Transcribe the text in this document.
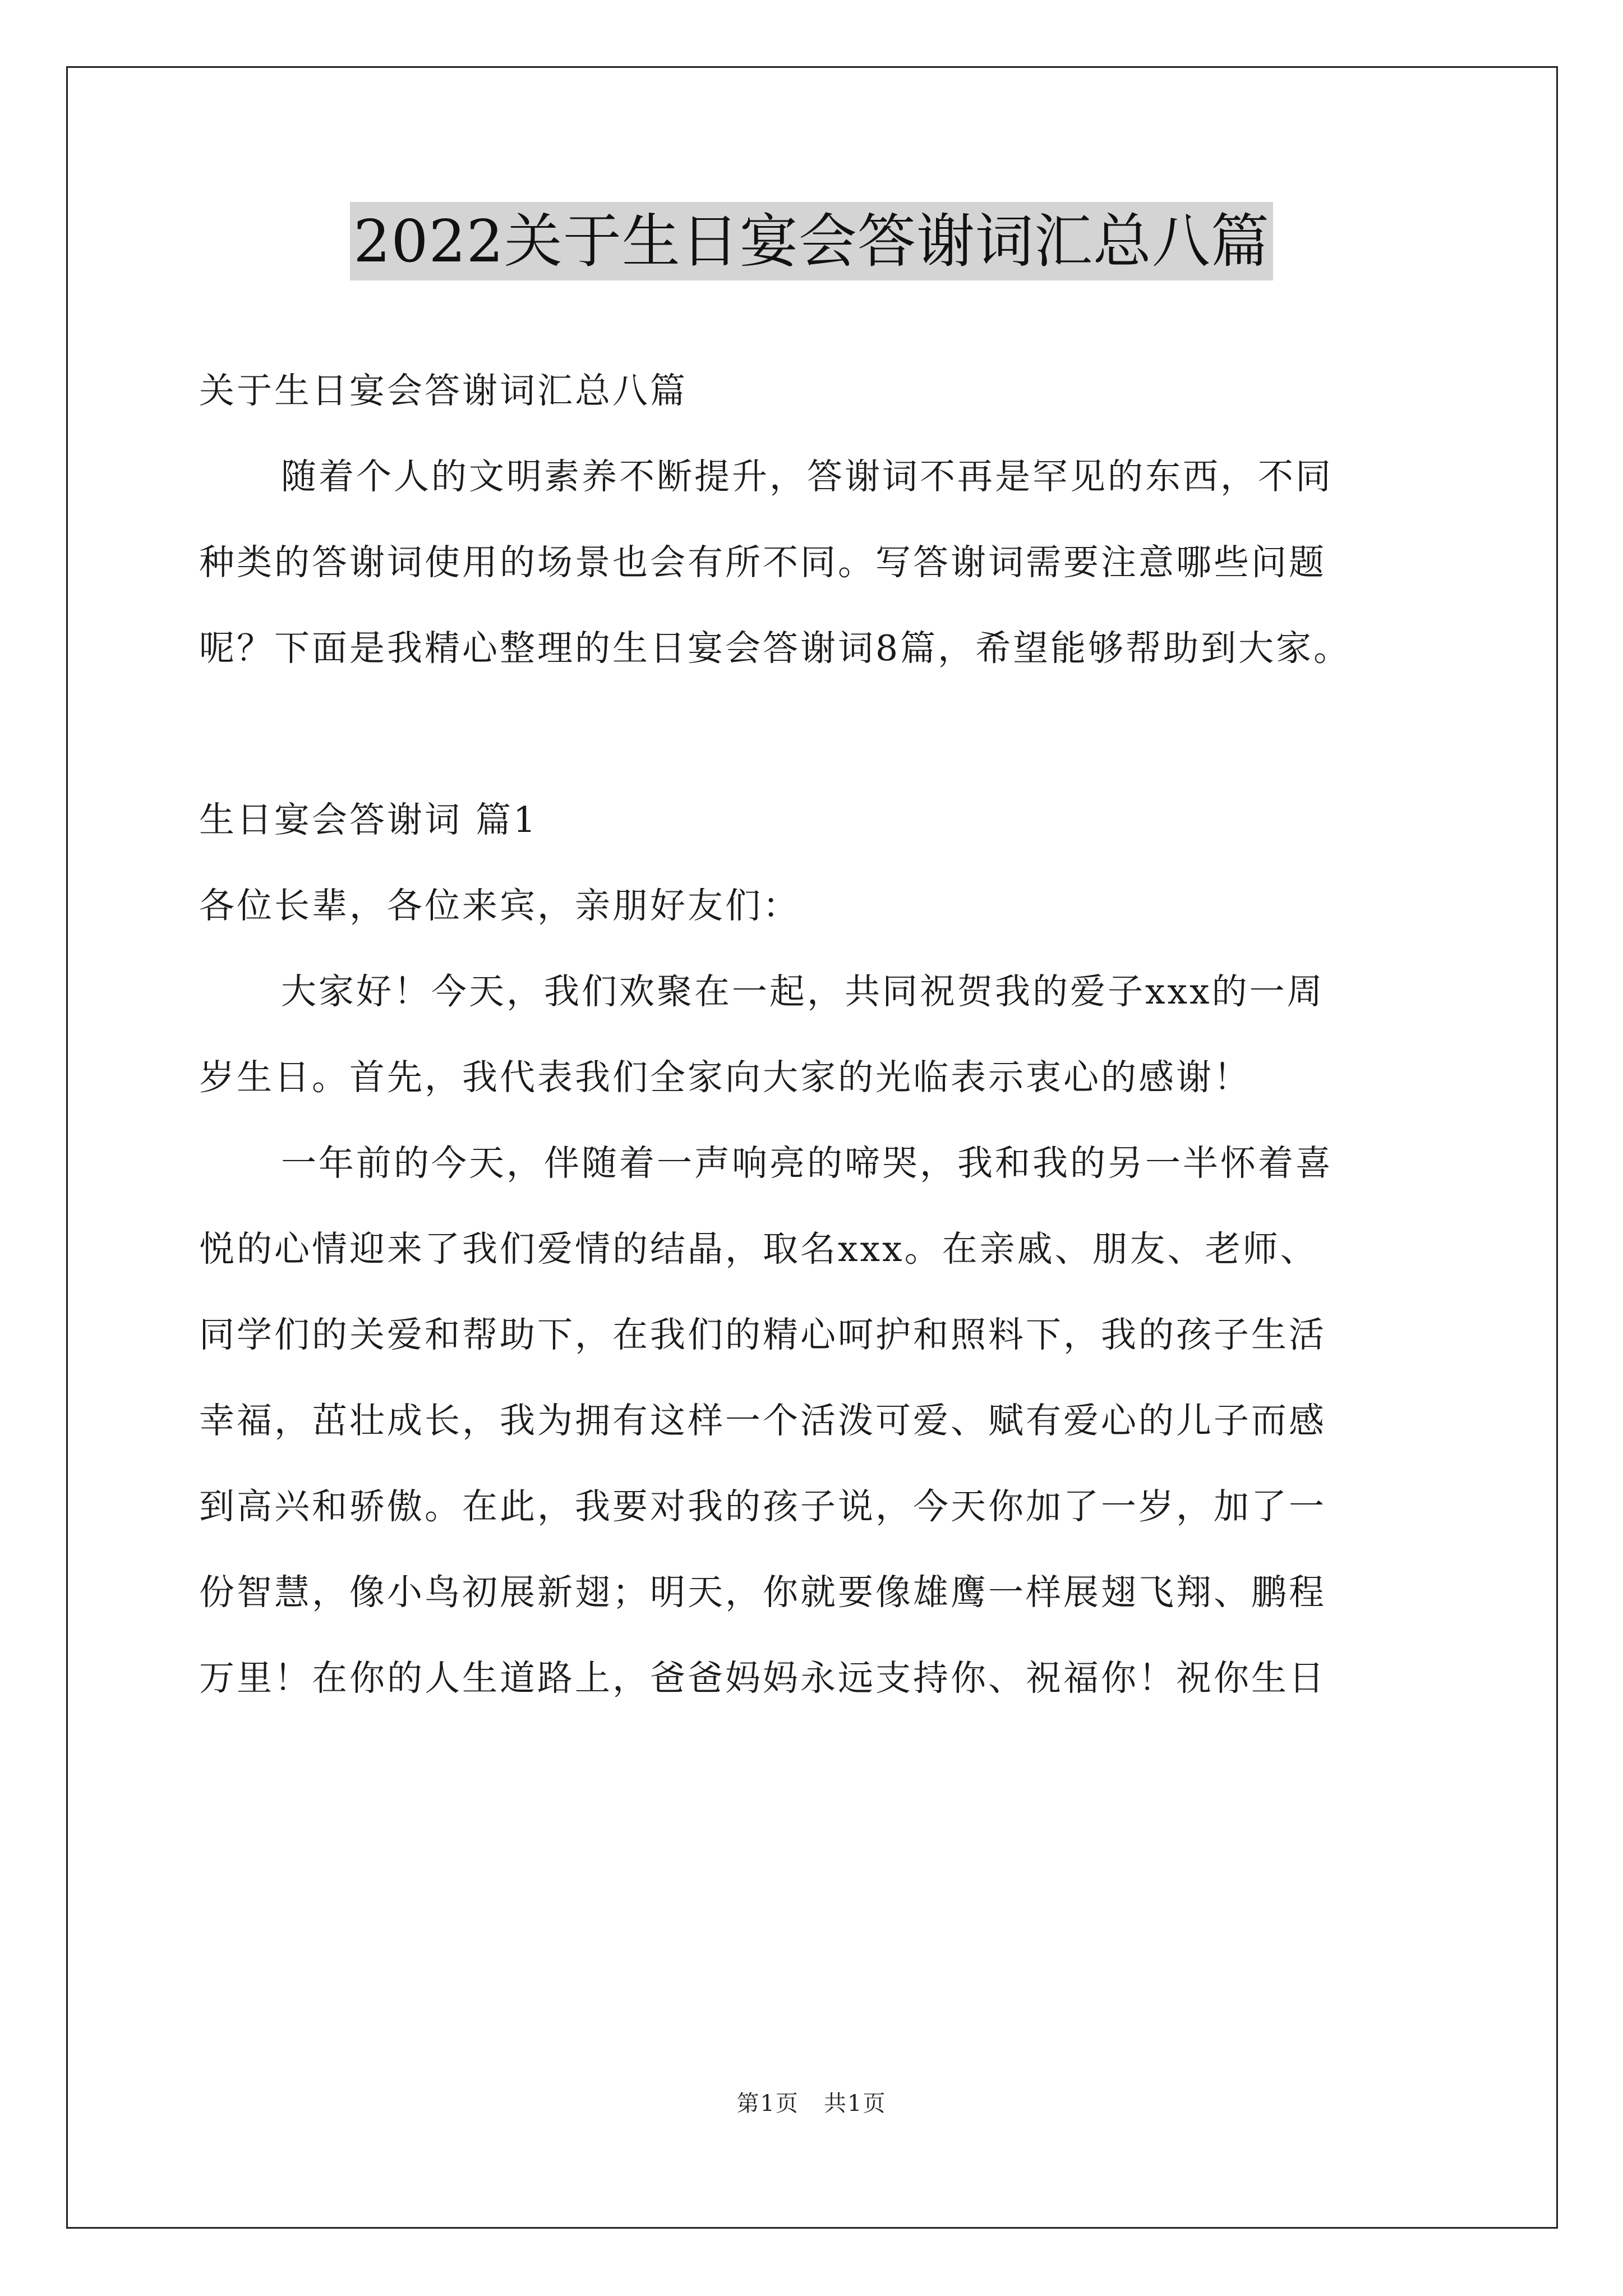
2022关于生日宴会答谢词汇总八篇
关于生日宴会答谢词汇总八篇
随着个人的文明素养不断提升，答谢词不再是罕见的东西，不同
种类的答谢词使用的场景也会有所不同。写答谢词需要注意哪些问题
呢？下面是我精心整理的生日宴会答谢词8篇，希望能够帮助到大家。
生日宴会答谢词 篇1
各位长辈，各位来宾，亲朋好友们：
大家好！今天，我们欢聚在一起，共同祝贺我的爱子xxx的一周
岁生日。首先，我代表我们全家向大家的光临表示衷心的感谢！
一年前的今天，伴随着一声响亮的啼哭，我和我的另一半怀着喜
悦的心情迎来了我们爱情的结晶，取名xxx。在亲戚、朋友、老师、
同学们的关爱和帮助下，在我们的精心呵护和照料下，我的孩子生活
幸福，茁壮成长，我为拥有这样一个活泼可爱、赋有爱心的儿子而感
到高兴和骄傲。在此，我要对我的孩子说，今天你加了一岁，加了一
份智慧，像小鸟初展新翅；明天，你就要像雄鹰一样展翅飞翔、鹏程
万里！在你的人生道路上，爸爸妈妈永远支持你、祝福你！祝你生日
第1页   共1页
